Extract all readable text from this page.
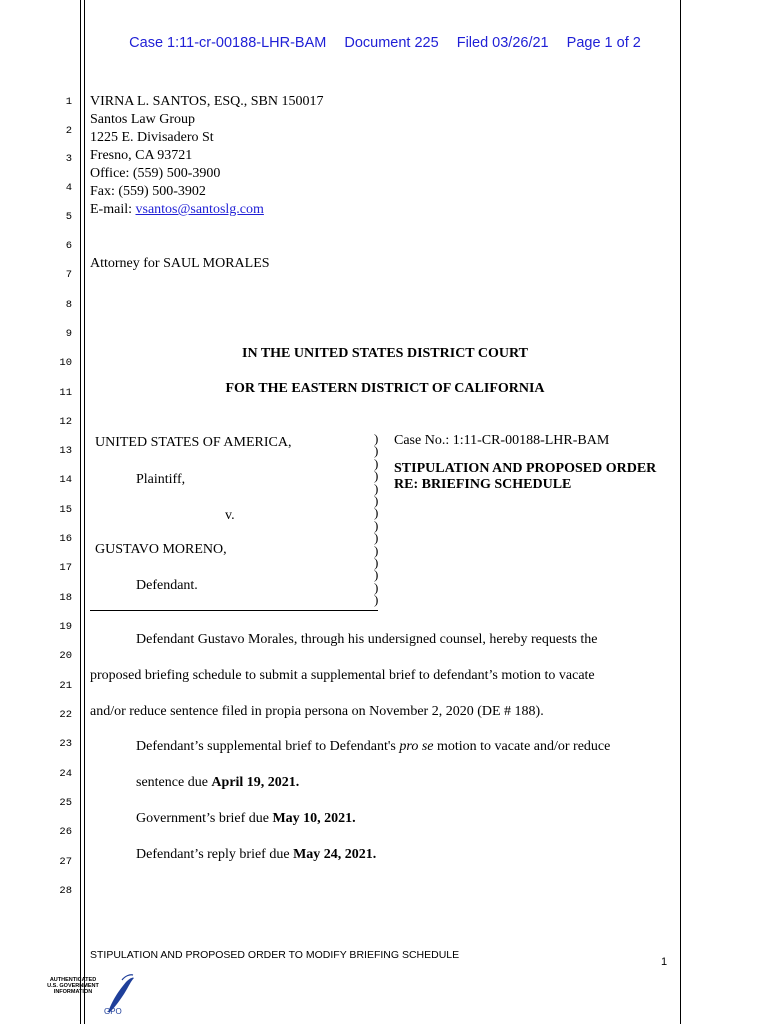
Case 1:11-cr-00188-LHR-BAM Document 225 Filed 03/26/21 Page 1 of 2
1
2
3
4
5
6
7
8
9
10
11
12
13
14
15
16
17
18
19
20
21
22
23
24
25
26
27
28
VIRNA L. SANTOS, ESQ., SBN 150017
Santos Law Group
1225 E. Divisadero St
Fresno, CA 93721
Office: (559) 500-3900
Fax: (559) 500-3902
E-mail: vsantos@santoslg.com
Attorney for SAUL MORALES
IN THE UNITED STATES DISTRICT COURT
FOR THE EASTERN DISTRICT OF CALIFORNIA
UNITED STATES OF AMERICA,
Plaintiff,
v.
GUSTAVO MORENO,
Defendant.
)
)
)
)
)
)
)
)
)
)
)
)
)
)
Case No.: 1:11-CR-00188-LHR-BAM
STIPULATION AND PROPOSED ORDER
RE: BRIEFING SCHEDULE
Defendant Gustavo Morales, through his undersigned counsel, hereby requests the
proposed briefing schedule to submit a supplemental brief to defendant’s motion to vacate
and/or reduce sentence filed in propia persona on November 2, 2020 (DE # 188).
Defendant’s supplemental brief to Defendant's pro se motion to vacate and/or reduce
sentence due April 19, 2021.
Government’s brief due May 10, 2021.
Defendant’s reply brief due May 24, 2021.
STIPULATION AND PROPOSED ORDER TO MODIFY BRIEFING SCHEDULE
1
AUTHENTICATED
U.S. GOVERNMENT
INFORMATION
GPO
